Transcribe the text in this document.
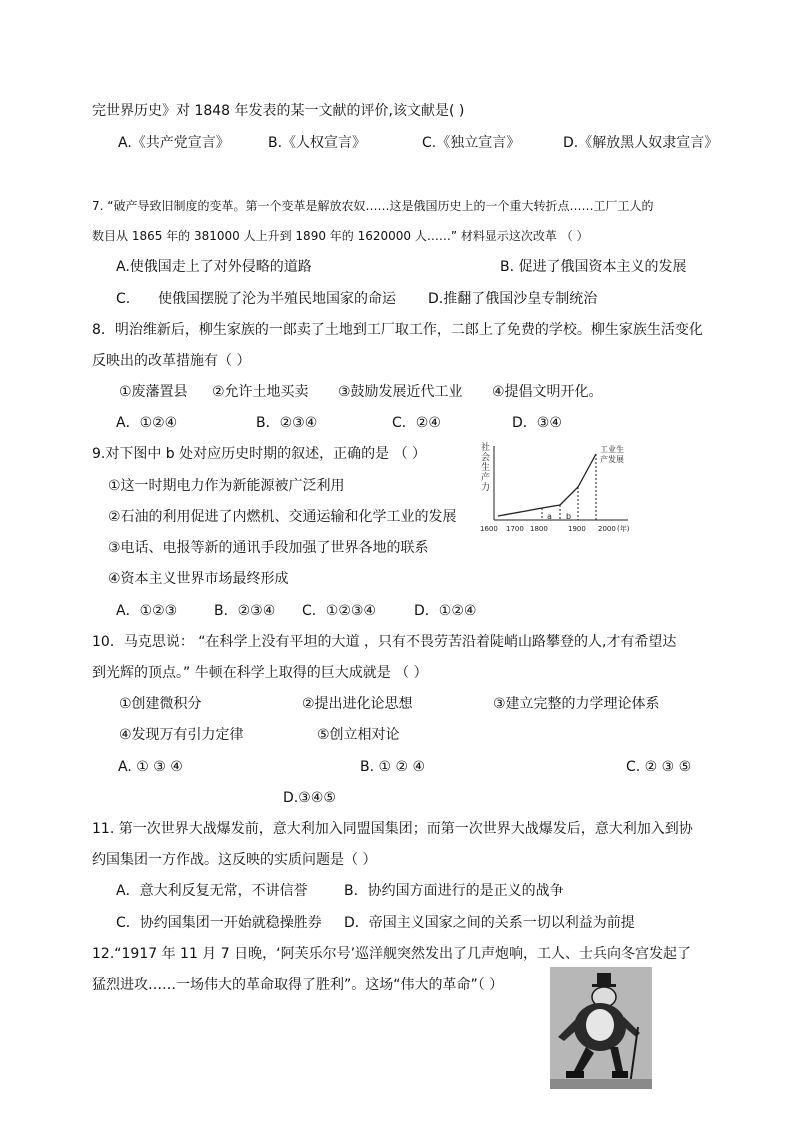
完世界历史》对 1848 年发表的某一文献的评价,该文献是( )
A.《共产党宣言》	B.《人权宣言》	C.《独立宣言》	D.《解放黑人奴隶宣言》
7. “破产导致旧制度的变革。第一个变革是解放农奴……这是俄国历史上的一个重大转折点……工厂工人的
数目从 1865 年的 381000 人上升到 1890 年的 1620000 人……” 材料显示这次改革 （ ）
A.使俄国走上了对外侵略的道路	B. 促进了俄国资本主义的发展
C. 使俄国摆脱了沦为半殖民地国家的命运 D.推翻了俄国沙皇专制统治
8．明治维新后，柳生家族的一郎卖了土地到工厂取工作，二郎上了免费的学校。柳生家族生活变化
反映出的改革措施有（ ）
①废藩置县 ②允许土地买卖 ③鼓励发展近代工业 ④提倡文明开化。
A．①②④	B．②③④	C．②④	D．③④
9.对下图中 b 处对应历史时期的叙述，正确的是 （ ）
①这一时期电力作为新能源被广泛利用
②石油的利用促进了内燃机、交通运输和化学工业的发展
③电话、电报等新的通讯手段加强了世界各地的联系
④资本主义世界市场最终形成
A．①②③	B．②③④ C．①②③④	D．①②④
社
会
生
产
力
a b
工业生
产发展
1600 1700 1800	1900 2000 (年)
10．马克思说： “在科学上没有平坦的大道 ，只有不畏劳苦沿着陡峭山路攀登的人,才有希望达
到光辉的顶点。” 牛顿在科学上取得的巨大成就是 （ ）
①创建微积分	②提出进化论思想	③建立完整的力学理论体系
④发现万有引力定律	⑤创立相对论
A. ① ③ ④	B. ① ② ④	C. ② ③ ⑤
D.③④⑤
11. 第一次世界大战爆发前，意大利加入同盟国集团；而第一次世界大战爆发后，意大利加入到协
约国集团一方作战。这反映的实质问题是（ ）
A．意大利反复无常，不讲信誉	B．协约国方面进行的是正义的战争
C．协约国集团一开始就稳操胜券 D．帝国主义国家之间的关系一切以利益为前提
12.“1917 年 11 月 7 日晚，‘阿芙乐尔号’巡洋舰突然发出了几声炮响，工人、士兵向冬宫发起了
猛烈进攻……一场伟大的革命取得了胜利”。这场“伟大的革命”（ ）
